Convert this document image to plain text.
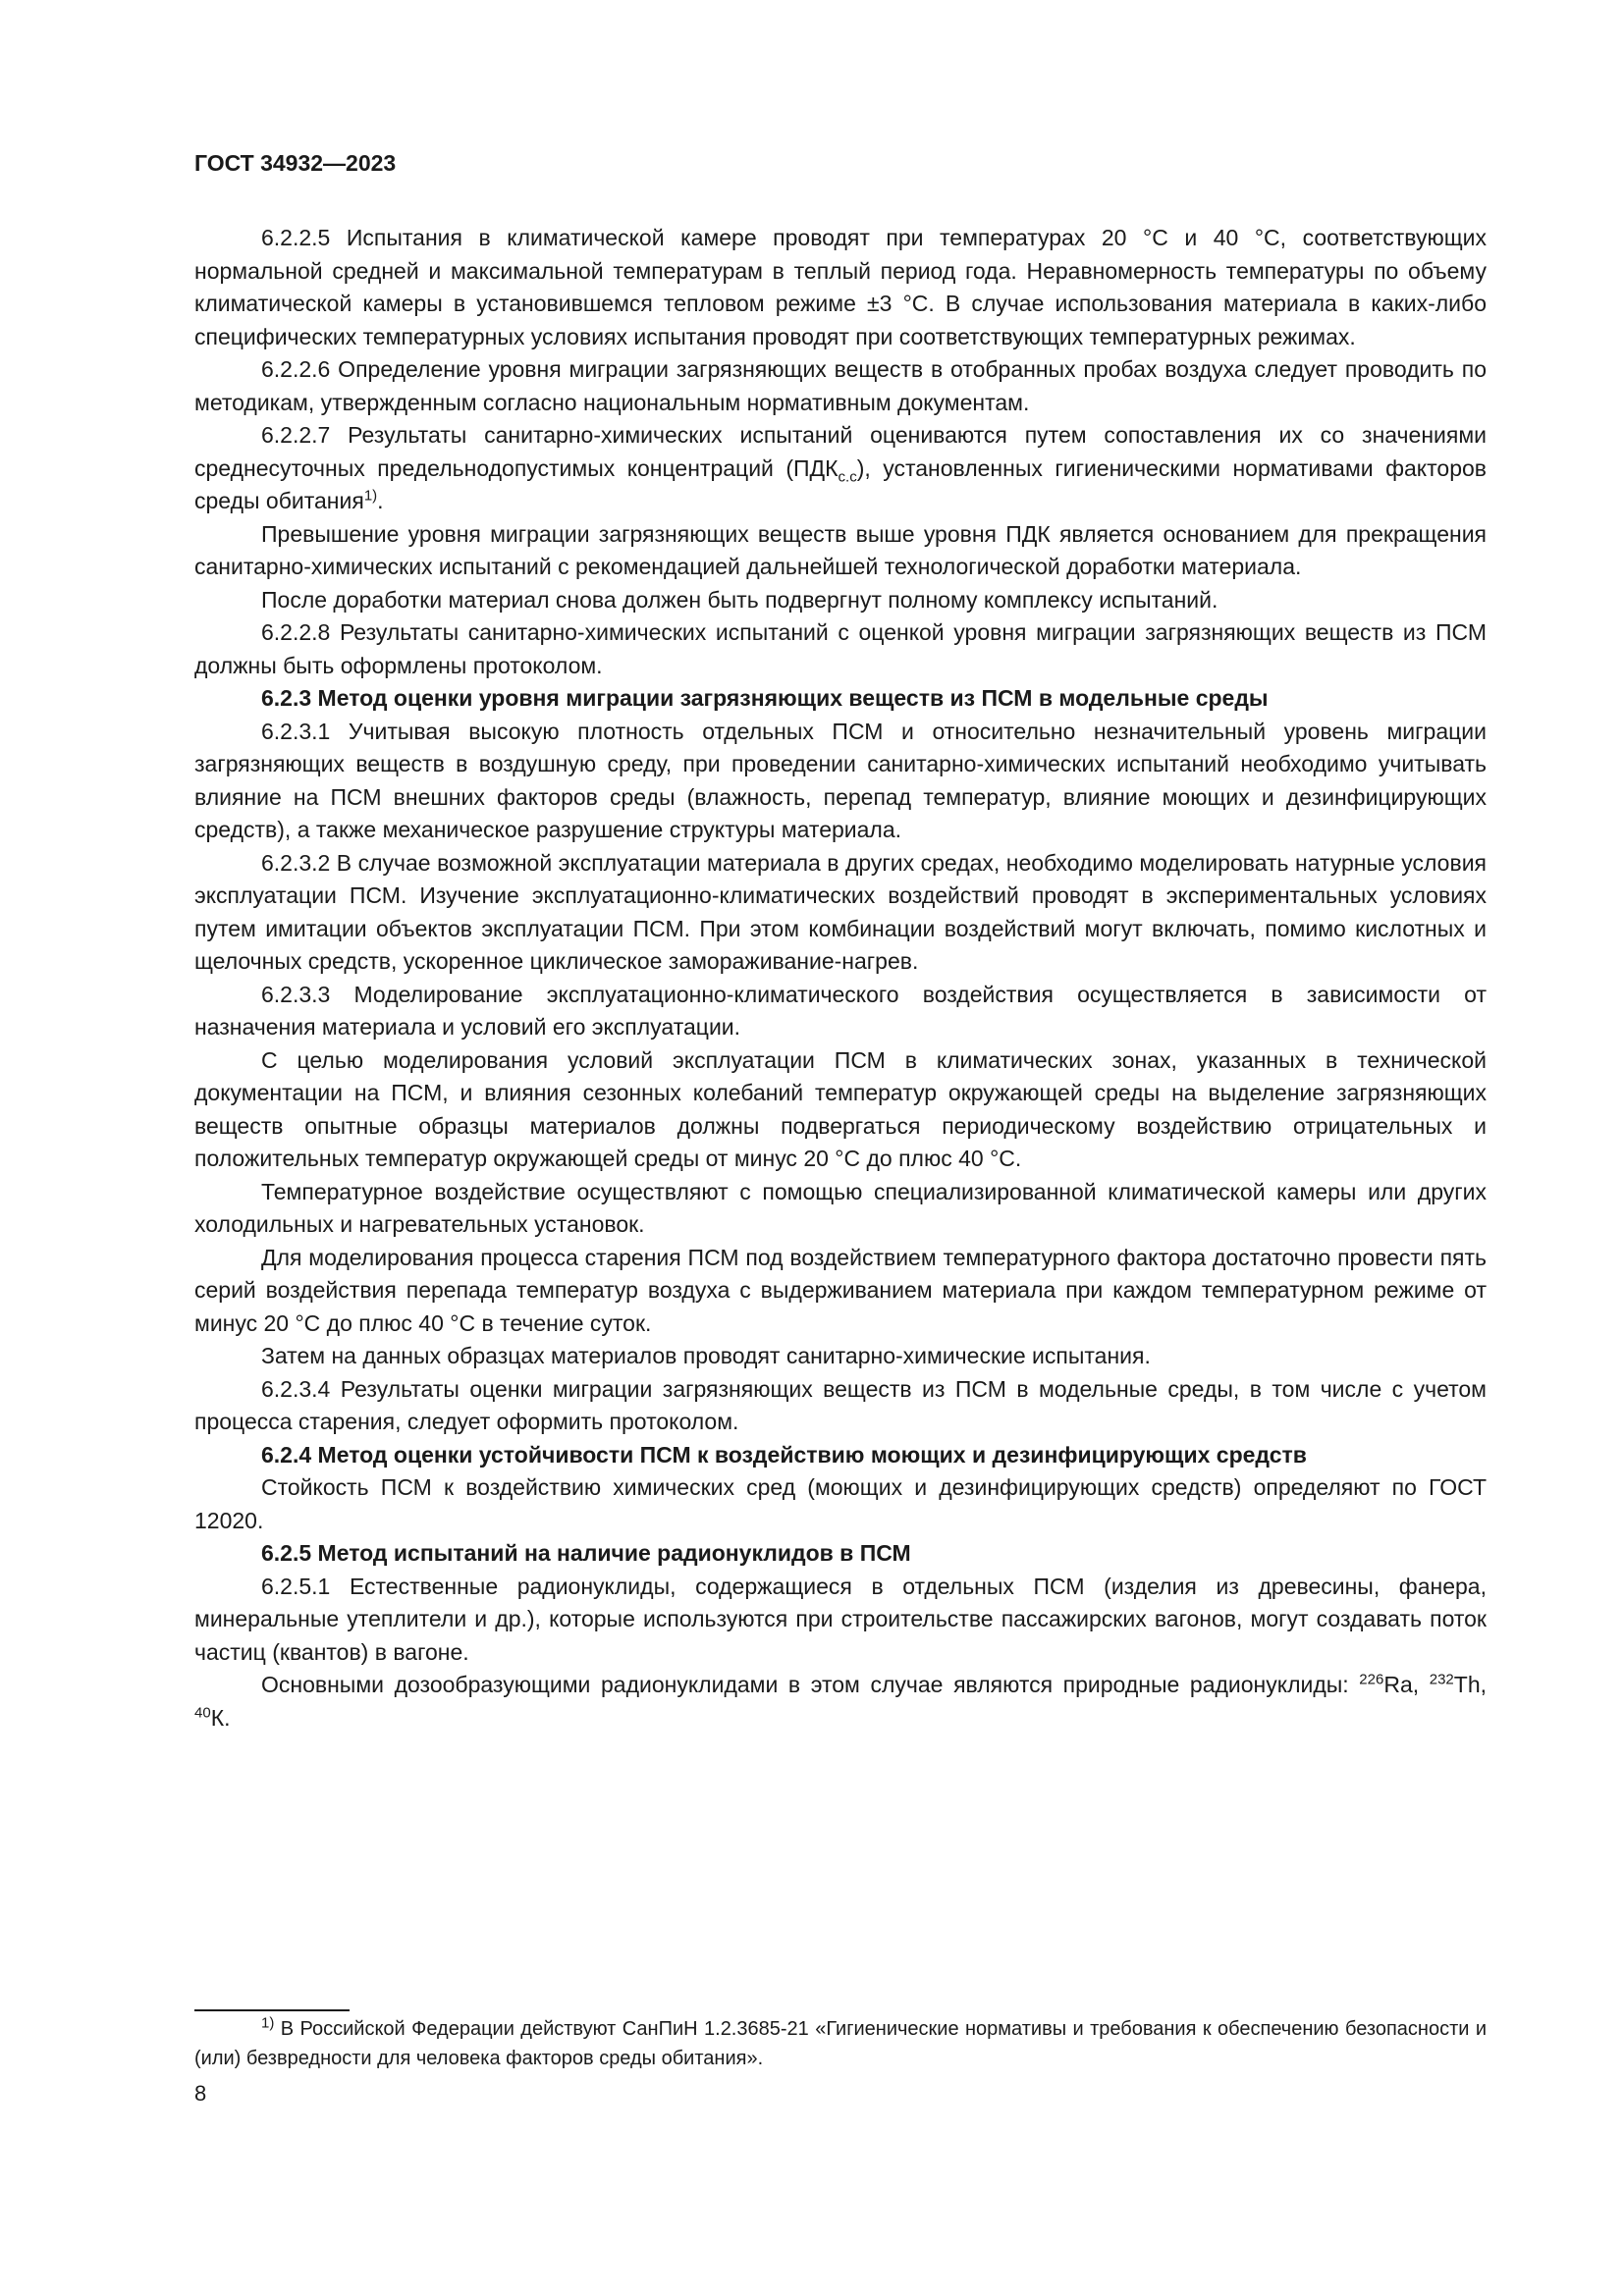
ГОСТ 34932—2023

6.2.2.5 Испытания в климатической камере проводят при температурах 20 °С и 40 °С, соответствующих нормальной средней и максимальной температурам в теплый период года. Неравномерность температуры по объему климатической камеры в установившемся тепловом режиме ±3 °С. В случае использования материала в каких-либо специфических температурных условиях испытания проводят при соответствующих температурных режимах.

6.2.2.6 Определение уровня миграции загрязняющих веществ в отобранных пробах воздуха следует проводить по методикам, утвержденным согласно национальным нормативным документам.

6.2.2.7 Результаты санитарно-химических испытаний оцениваются путем сопоставления их со значениями среднесуточных предельнодопустимых концентраций $(ПДК_{с.с})$, установленных гигиеническими нормативами факторов среды обитания$^{1)}$.

Превышение уровня миграции загрязняющих веществ выше уровня ПДК является основанием для прекращения санитарно-химических испытаний с рекомендацией дальнейшей технологической доработки материала.

После доработки материал снова должен быть подвергнут полному комплексу испытаний.

6.2.2.8 Результаты санитарно-химических испытаний с оценкой уровня миграции загрязняющих веществ из ПСМ должны быть оформлены протоколом.

6.2.3 Метод оценки уровня миграции загрязняющих веществ из ПСМ в модельные среды

6.2.3.1 Учитывая высокую плотность отдельных ПСМ и относительно незначительный уровень миграции загрязняющих веществ в воздушную среду, при проведении санитарно-химических испытаний необходимо учитывать влияние на ПСМ внешних факторов среды (влажность, перепад температур, влияние моющих и дезинфицирующих средств), а также механическое разрушение структуры материала.

6.2.3.2 В случае возможной эксплуатации материала в других средах, необходимо моделировать натурные условия эксплуатации ПСМ. Изучение эксплуатационно-климатических воздействий проводят в экспериментальных условиях путем имитации объектов эксплуатации ПСМ. При этом комбинации воздействий могут включать, помимо кислотных и щелочных средств, ускоренное циклическое замораживание-нагрев.

6.2.3.3 Моделирование эксплуатационно-климатического воздействия осуществляется в зависимости от назначения материала и условий его эксплуатации.

С целью моделирования условий эксплуатации ПСМ в климатических зонах, указанных в технической документации на ПСМ, и влияния сезонных колебаний температур окружающей среды на выделение загрязняющих веществ опытные образцы материалов должны подвергаться периодическому воздействию отрицательных и положительных температур окружающей среды от минус 20 °С до плюс 40 °С.

Температурное воздействие осуществляют с помощью специализированной климатической камеры или других холодильных и нагревательных установок.

Для моделирования процесса старения ПСМ под воздействием температурного фактора достаточно провести пять серий воздействия перепада температур воздуха с выдерживанием материала при каждом температурном режиме от минус 20 °С до плюс 40 °С в течение суток.

Затем на данных образцах материалов проводят санитарно-химические испытания.

6.2.3.4 Результаты оценки миграции загрязняющих веществ из ПСМ в модельные среды, в том числе с учетом процесса старения, следует оформить протоколом.

6.2.4 Метод оценки устойчивости ПСМ к воздействию моющих и дезинфицирующих средств

Стойкость ПСМ к воздействию химических сред (моющих и дезинфицирующих средств) определяют по ГОСТ 12020.

6.2.5 Метод испытаний на наличие радионуклидов в ПСМ

6.2.5.1 Естественные радионуклиды, содержащиеся в отдельных ПСМ (изделия из древесины, фанера, минеральные утеплители и др.), которые используются при строительстве пассажирских вагонов, могут создавать поток частиц (квантов) в вагоне.

Основными дозообразующими радионуклидами в этом случае являются природные радионуклиды: $^{226}$Ra, $^{232}$Th, $^{40}$К.

$^{1)}$ В Российской Федерации действуют СанПиН 1.2.3685-21 «Гигиенические нормативы и требования к обеспечению безопасности и (или) безвредности для человека факторов среды обитания».

8
